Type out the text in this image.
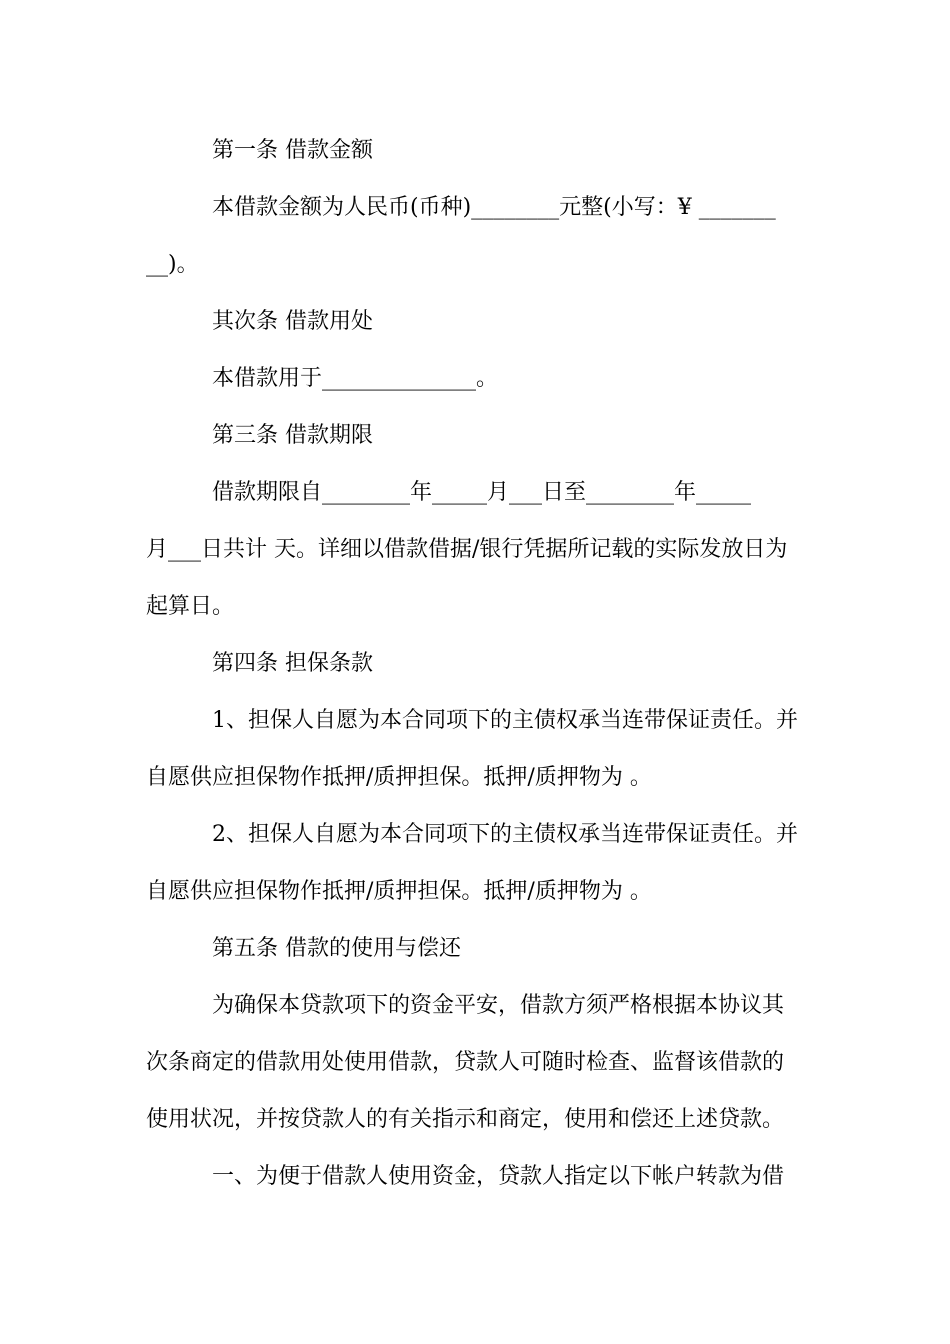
第一条 借款金额
本借款金额为人民币(币种)________元整(小写：¥ _______
__)。
其次条 借款用处
本借款用于______________。
第三条 借款期限
借款期限自________年_____月___日至________年_____
月___日共计 天。详细以借款借据/银行凭据所记载的实际发放日为
起算日。
第四条 担保条款
1、担保人自愿为本合同项下的主债权承当连带保证责任。并
自愿供应担保物作抵押/质押担保。抵押/质押物为 。
2、担保人自愿为本合同项下的主债权承当连带保证责任。并
自愿供应担保物作抵押/质押担保。抵押/质押物为 。
第五条 借款的使用与偿还
为确保本贷款项下的资金平安，借款方须严格根据本协议其
次条商定的借款用处使用借款，贷款人可随时检查、监督该借款的
使用状况，并按贷款人的有关指示和商定，使用和偿还上述贷款。
一、为便于借款人使用资金，贷款人指定以下帐户转款为借
